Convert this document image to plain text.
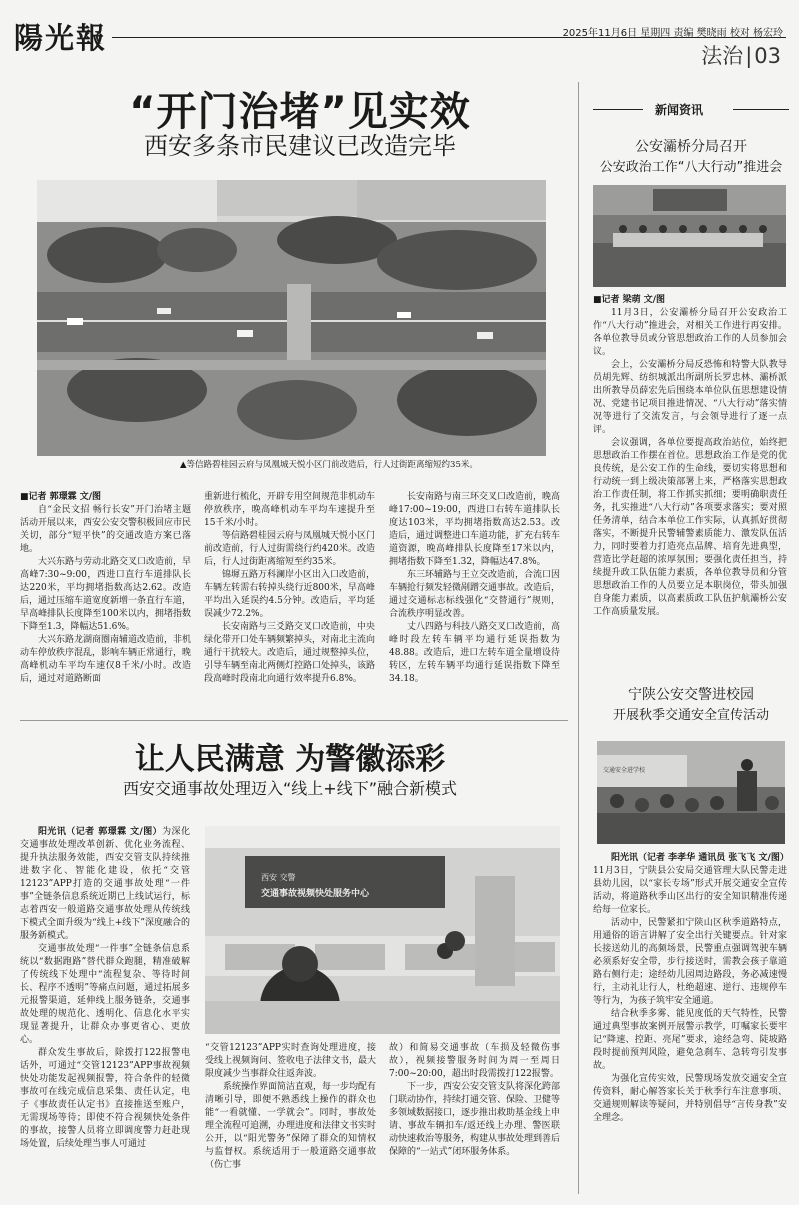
陽光報	2025年11月6日 星期四 责编 樊晓雨 校对 杨宏玲
法治|03
“开门治堵”见实效
西安多条市民建议已改造完毕
▲等信路碧桂园云府与凤凰城天悦小区门前改造后，行人过街距离缩短约35米。
■记者 郭璟霖 文/图

自“金民文招 畅行长安”开门治堵主题活动开展以来，西安公安交警积极回应市民关切，部分“短平快”的交通改造方案已落地。

大兴东路与劳动北路交叉口改造前，早高峰7:30~9:00，西进口直行车道排队长达220米，平均拥堵指数高达2.62。改造后，通过压缩车道宽度新增一条直行车道，早高峰排队长度降至100米以内，拥堵指数下降至1.3，降幅达51.6%。

大兴东路龙湖商圈南辅道改造前，非机动车停放秩序混乱，影响车辆正常通行，晚高峰机动车平均车速仅8千米/小时。改造后，通过对道路断面

重新进行梳化，开辟专用空间规范非机动车停放秩序，晚高峰机动车平均车速提升至15千米/小时。

等信路碧桂园云府与凤凰城天悦小区门前改造前，行人过街需绕行约420米。改造后，行人过街距离缩短至约35米。

锦墀五路万科澜岸小区出入口改造前，车辆左转需右转掉头绕行近800米，早高峰平均出入延误约4.5分钟。改造后，平均延误减少72.2%。

长安南路与三爻路交叉口改造前，中央绿化带开口处车辆频繁掉头，对南北主流向通行干扰较大。改造后，通过规整掉头位，引导车辆至南北两侧灯控路口处掉头，该路段高峰时段南北向通行效率提升6.8%。

长安南路与南三环交叉口改造前，晚高峰17:00~19:00，西进口右转车道排队长度达103米，平均拥堵指数高达2.53。改造后，通过调整进口车道功能，扩充右转车道资源，晚高峰排队长度降至17米以内，拥堵指数下降至1.32，降幅达47.8%。

东三环辅路与王立交改造前，合流口因车辆抢行频发轻微剐蹭交通事故。改造后，通过交通标志标线强化“交替通行”规则，合流秩序明显改善。

丈八四路与科技八路交叉口改造前，高峰时段左转车辆平均通行延误指数为48.88。改造后，进口左转车道全量增设待转区，左转车辆平均通行延误指数下降至34.18。

新闻资讯
公安灞桥分局召开
公安政治工作“八大行动”推进会
■记者 梁萌 文/图

11月3日，公安灞桥分局召开公安政治工作“八大行动”推进会，对相关工作进行再安排。各单位教导员或分管思想政治工作的人员参加会议。

会上，公安灞桥分局反恐怖和特警大队教导员胡先辉、纺织城派出所副所长罗忠林、灞桥派出所教导员薛宏先后围绕本单位队伍思想建设情况、党建书记项目推进情况、“八大行动”落实情况等进行了交流发言，与会领导进行了逐一点评。

会议强调，各单位要提高政治站位，始终把思想政治工作摆在首位。思想政治工作是党的优良传统，是公安工作的生命线，要切实将思想和行动统一到上级决策部署上来，严格落实思想政治工作责任制，将工作抓实抓细；要明确职责任务，扎实推进“八大行动”各项要求落实；要对照任务清单，结合本单位工作实际，认真抓好贯彻落实，不断提升民警辅警素质能力、激发队伍活力，同时要着力打造亮点品牌、培育先进典型，营造比学赶超的浓厚氛围；要强化责任担当，持续提升政工队伍能力素质，各单位教导员和分管思想政治工作的人员要立足本职岗位，带头加强自身能力素质，以高素质政工队伍护航灞桥公安工作高质量发展。

宁陕公安交警进校园
开展秋季交通安全宣传活动
交通安全进学校

阳光讯（记者 李孝华 通讯员 张飞飞 文/图）11月3日，宁陕县公安局交通管理大队民警走进县幼儿园，以“家长专场”形式开展交通安全宣传活动，将道路秋季山区出行的安全知识精准传递给每一位家长。

活动中，民警紧扣宁陕山区秋季道路特点，用通俗的语言讲解了安全出行关键要点。针对家长接送幼儿的高频场景，民警重点强调驾驶车辆必须系好安全带，步行接送时，需教会孩子靠道路右侧行走；途经幼儿园周边路段，务必减速慢行，主动礼让行人，杜绝超速、逆行、违规停车等行为，为孩子筑牢安全通道。

结合秋季多雾、能见度低的天气特性，民警通过典型事故案例开展警示教学，叮嘱家长要牢记“降速、控距、亮尾”要求，途经急弯、陡坡路段时提前预判风险，避免急刹车、急转弯引发事故。

为强化宣传实效，民警现场发放交通安全宣传资料，耐心解答家长关于秋季行车注意事项、交通规则解读等疑问，并特别倡导“言传身教”安全理念。

让人民满意 为警徽添彩
西安交通事故处理迈入“线上+线下”融合新模式
西安 交警
交通事故视频快处服务中心

阳光讯（记者 郭璟霖 文/图）为深化交通事故处理改革创新、优化业务流程、提升执法服务效能，西安交管支队持续推进数字化、智能化建设，依托“交管12123”APP打造的交通事故处理“一件事”全链条信息系统近期已上线试运行，标志着西安一般道路交通事故处理从传统线下模式全面升级为“线上+线下”深度融合的服务新模式。

交通事故处理“一件事”全链条信息系统以“数据跑路”替代群众跑腿，精准破解了传统线下处理中“流程复杂、等待时间长、程序不透明”等痛点问题，通过拓展多元报警渠道，延伸线上服务链条，交通事故处理的规范化、透明化、信息化水平实现显著提升，让群众办事更省心、更放心。

群众发生事故后，除拨打122报警电话外，可通过“交管12123”APP事故视频快处功能发起视频报警，符合条件的轻微事故可在线完成信息采集、责任认定，电子《事故责任认定书》直接推送至账户，无需现场等待；即使不符合视频快处条件的事故，接警人员将立即调度警力赶赴现场处置，后续处理当事人可通过

“交管12123”APP实时查询处理进度，接受线上视频询问、签收电子法律文书，最大限度减少当事群众往返奔波。

系统操作界面简洁直观，每一步均配有清晰引导，即便不熟悉线上操作的群众也能“一看就懂、一学就会”。同时，事故处理全流程可追溯，办理进度和法律文书实时公开，以“阳光警务”保障了群众的知情权与监督权。系统适用于一般道路交通事故（伤亡事

故）和简易交通事故（车损及轻微伤事故），视频接警服务时间为周一至周日7:00~20:00，超出时段需拨打122报警。

下一步，西安公安交管支队将深化跨部门联动协作，持续打通交管、保险、卫健等多领域数据接口，逐步推出救助基金线上申请、事故车辆扣车/返还线上办理、警医联动快速救治等服务，构建从事故处理到善后保障的“一站式”闭环服务体系。
